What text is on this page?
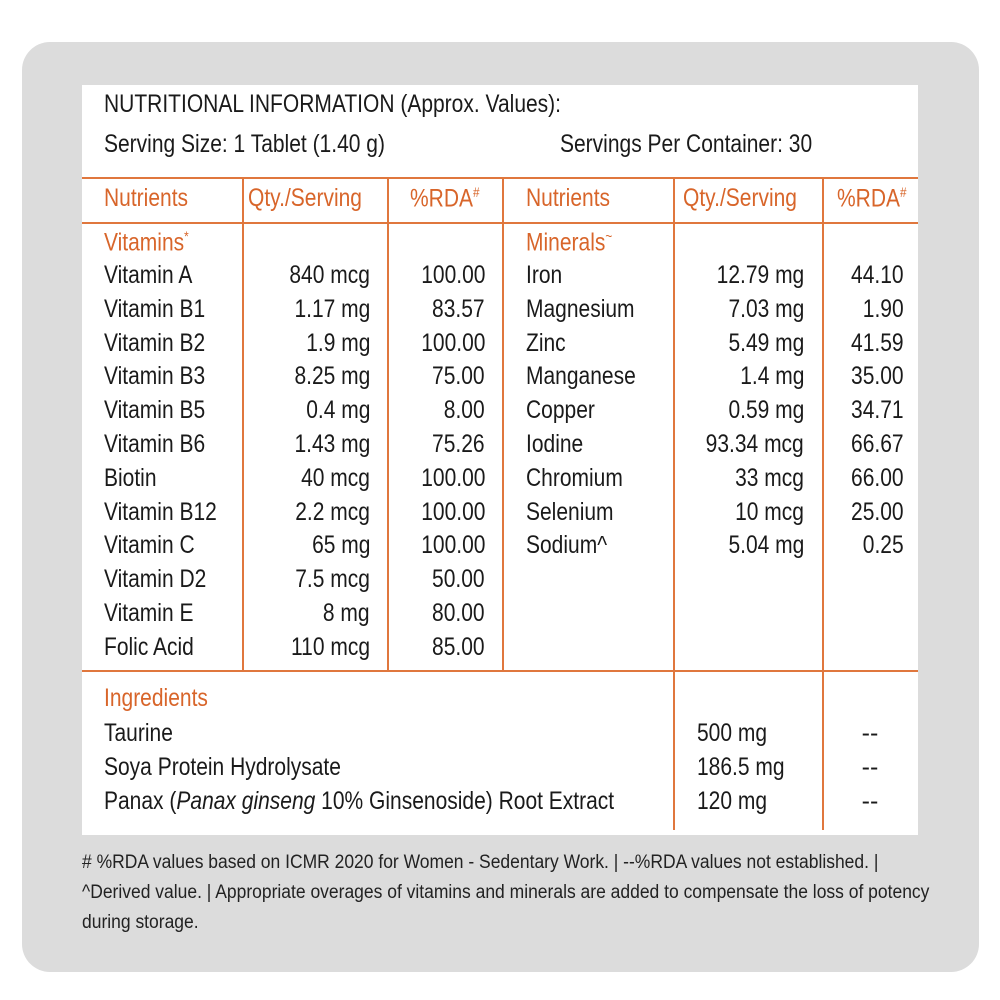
NUTRITIONAL INFORMATION (Approx. Values):
Serving Size: 1 Tablet (1.40 g)	Servings Per Container: 30
Nutrients	Qty./Serving	%RDA#	Nutrients	Qty./Serving	%RDA#
Vitamins*	Minerals~
Vitamin A	840 mcg	100.00
Vitamin B1	1.17 mg	83.57
Vitamin B2	1.9 mg	100.00
Vitamin B3	8.25 mg	75.00
Vitamin B5	0.4 mg	8.00
Vitamin B6	1.43 mg	75.26
Biotin	40 mcg	100.00
Vitamin B12	2.2 mcg	100.00
Vitamin C	65 mg	100.00
Vitamin D2	7.5 mcg	50.00
Vitamin E	8 mg	80.00
Folic Acid	110 mcg	85.00
Iron	12.79 mg	44.10
Magnesium	7.03 mg	1.90
Zinc	5.49 mg	41.59
Manganese	1.4 mg	35.00
Copper	0.59 mg	34.71
Iodine	93.34 mcg	66.67
Chromium	33 mcg	66.00
Selenium	10 mcg	25.00
Sodium^	5.04 mg	0.25
Ingredients
Taurine	500 mg	--
Soya Protein Hydrolysate	186.5 mg	--
Panax (Panax ginseng 10% Ginsenoside) Root Extract	120 mg	--
# %RDA values based on ICMR 2020 for Women - Sedentary Work. | --%RDA values not established. | ^Derived value. | Appropriate overages of vitamins and minerals are added to compensate the loss of potency during storage.
